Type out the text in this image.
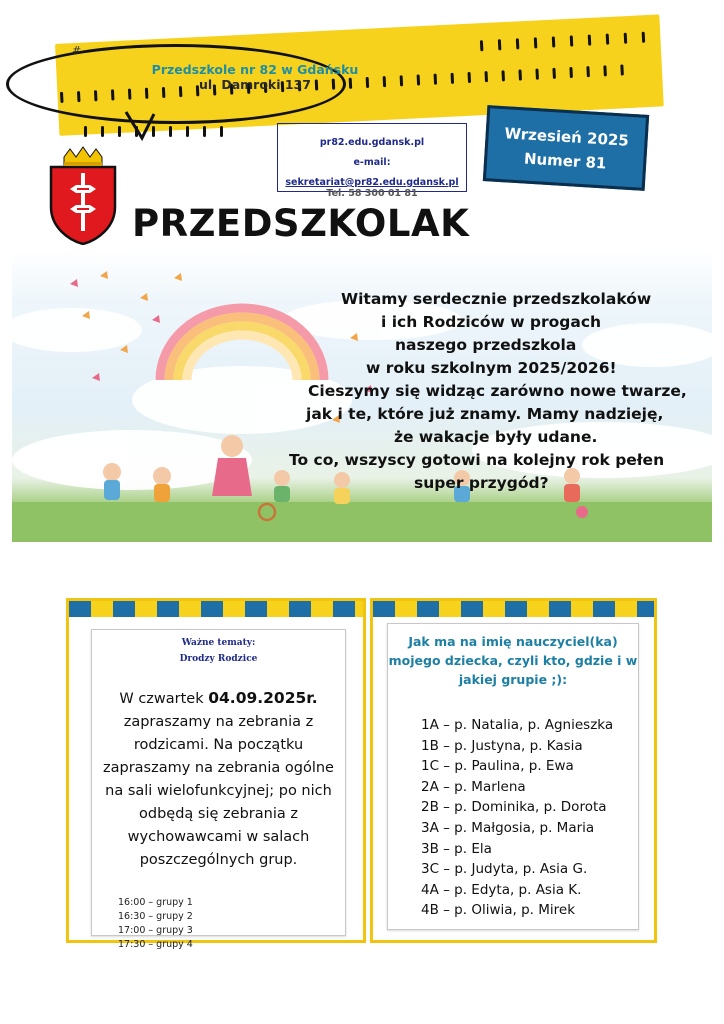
#
Przedszkole nr 82 w Gdańsku
ul. Damroki 137
pr82.edu.gdansk.pl
e-mail:
sekretariat@pr82.edu.gdansk.pl
Tel. 58 300 01 81
Wrzesień 2025
Numer 81
PRZEDSZKOLAK

Witamy serdecznie przedszkolaków

i ich Rodziców w progach

naszego przedszkola

w roku szkolnym 2025/2026!

Cieszymy się widząc zarówno nowe twarze,

jak i te, które już znamy. Mamy nadzieję,

że wakacje były udane.

To co, wszyscy gotowi na kolejny rok pełen

super przygód?

Ważne tematy:
Drodzy Rodzice
W czwartek 04.09.2025r. zapraszamy na zebrania z rodzicami. Na początku zapraszamy na zebrania ogólne na sali wielofunkcyjnej; po nich odbędą się zebrania z wychowawcami w salach poszczególnych grup.
16:00 – grupy 1
16:30 – grupy 2
17:00 – grupy 3
17:30 – grupy 4
Jak ma na imię nauczyciel(ka) mojego dziecka, czyli kto, gdzie i w jakiej grupie ;):
1A – p. Natalia, p. Agnieszka
1B – p. Justyna, p. Kasia
1C – p. Paulina, p. Ewa
2A – p. Marlena
2B – p. Dominika, p. Dorota
3A – p. Małgosia, p. Maria
3B – p. Ela
3C – p. Judyta, p. Asia G.
4A – p. Edyta, p. Asia K.
4B – p. Oliwia, p. Mirek
